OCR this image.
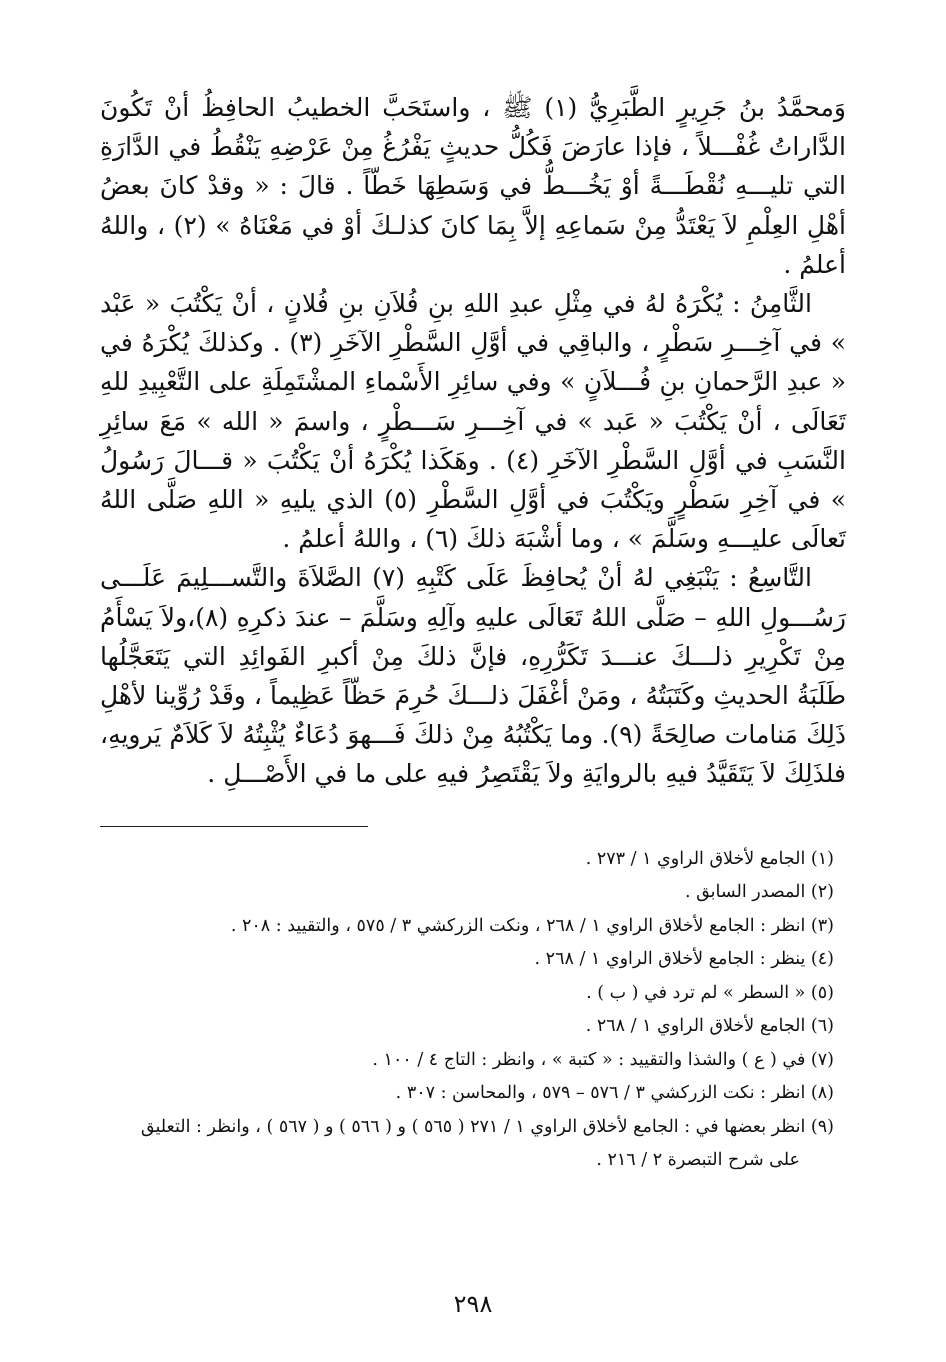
وَمحمَّدُ بنُ جَرِيرٍ الطَّبَرِيُّ (١) ﷺ ، واستَحَبَّ الخطيبُ الحافِظُ أنْ تَكُونَ الدَّاراتُ غُفْـــلاً ، فإذا عارَضَ فَكُلُّ حديثٍ يَفْرُغُ مِنْ عَرْضِهِ يَنْقُطُ في الدَّارَةِ التي تليـــهِ نُقْطَـــةً أوْ يَخُـــطُّ في وَسَطِهَا خَطّاً . قالَ : « وقدْ كانَ بعضُ أهْلِ العِلْمِ لاَ يَعْتَدُّ مِنْ سَماعِهِ إلاَّ بِمَا كانَ كذلـكَ أوْ في مَعْنَاهُ » (٢) ، واللهُ أعلمُ .

الثَّامِنُ : يُكْرَهُ لهُ في مِثْلِ عبدِ اللهِ بنِ فُلاَنِ بنِ فُلانٍ ، أنْ يَكْتُبَ « عَبْد » في آخِـــرِ سَطْرٍ ، والباقِي في أوَّلِ السَّطْرِ الآخَرِ (٣) . وكذلكَ يُكْرَهُ في « عبدِ الرَّحمانِ بنِ فُـــلاَنٍ » وفي سائِرِ الأَسْماءِ المشْتَمِلَةِ على التَّعْبِيدِ للهِ تَعَالَى ، أنْ يَكْتُبَ « عَبد » في آخِـــرِ سَـــطْرٍ ، واسمَ « الله » مَعَ سائِرِ النَّسَبِ في أوَّلِ السَّطْرِ الآخَرِ (٤) . وهَكَذا يُكْرَهُ أنْ يَكْتُبَ « قـــالَ رَسُولُ » في آخِرِ سَطْرٍ ويَكْتُبَ في أوَّلِ السَّطْرِ (٥) الذي يليهِ « اللهِ صَلَّى اللهُ تَعالَى عليـــهِ وسَلَّمَ » ، وما أشْبَهَ ذلكَ (٦) ، واللهُ أعلمُ .

التَّاسِعُ : يَنْبَغِي لهُ أنْ يُحافِظَ عَلَى كَتْبِهِ (٧) الصَّلاَةَ والتَّســـلِيمَ عَلَـــى رَسُـــولِ اللهِ – صَلَّى اللهُ تَعَالَى عليهِ وآلِهِ وسَلَّمَ – عندَ ذكرِهِ (٨)،ولاَ يَسْأَمُ مِنْ تَكْرِيرِ ذلـــكَ عنـــدَ تَكَرُّرِهِ، فإنَّ ذلكَ مِنْ أكبرِ الفَوائِدِ التي يَتَعَجَّلُها طَلَبَةُ الحديثِ وكَتَبَتُهُ ، ومَنْ أغْفَلَ ذلـــكَ حُرِمَ حَظّاً عَظِيماً ، وقَدْ رُوِّينا لأهْلِ ذَلِكَ مَنامات صالِحَةً (٩). وما يَكْتُبُهُ مِنْ ذلكَ فَـــهوَ دُعَاءٌ يُثْبِتُهُ لاَ كَلاَمٌ يَرويهِ، فلذَلِكَ لاَ يَتَقَيَّدُ فيهِ بالروايَةِ ولاَ يَقْتَصِرُ فيهِ على ما في الأَصْـــلِ .

(١) الجامع لأخلاق الراوي ١ / ٢٧٣ .
(٢) المصدر السابق .
(٣) انظر : الجامع لأخلاق الراوي ١ / ٢٦٨ ، ونكت الزركشي ٣ / ٥٧٥ ، والتقييد : ٢٠٨ .
(٤) ينظر : الجامع لأخلاق الراوي ١ / ٢٦٨ .
(٥) « السطر » لم ترد في ( ب ) .
(٦) الجامع لأخلاق الراوي ١ / ٢٦٨ .
(٧) في ( ع ) والشذا والتقييد : « كتبة » ، وانظر : التاج ٤ / ١٠٠ .
(٨) انظر : نكت الزركشي ٣ / ٥٧٦ – ٥٧٩ ، والمحاسن : ٣٠٧ .
(٩) انظر بعضها في : الجامع لأخلاق الراوي ١ / ٢٧١ ( ٥٦٥ ) و ( ٥٦٦ ) و ( ٥٦٧ ) ، وانظر : التعليق
على شرح التبصرة ٢ / ٢١٦ .
٢٩٨
